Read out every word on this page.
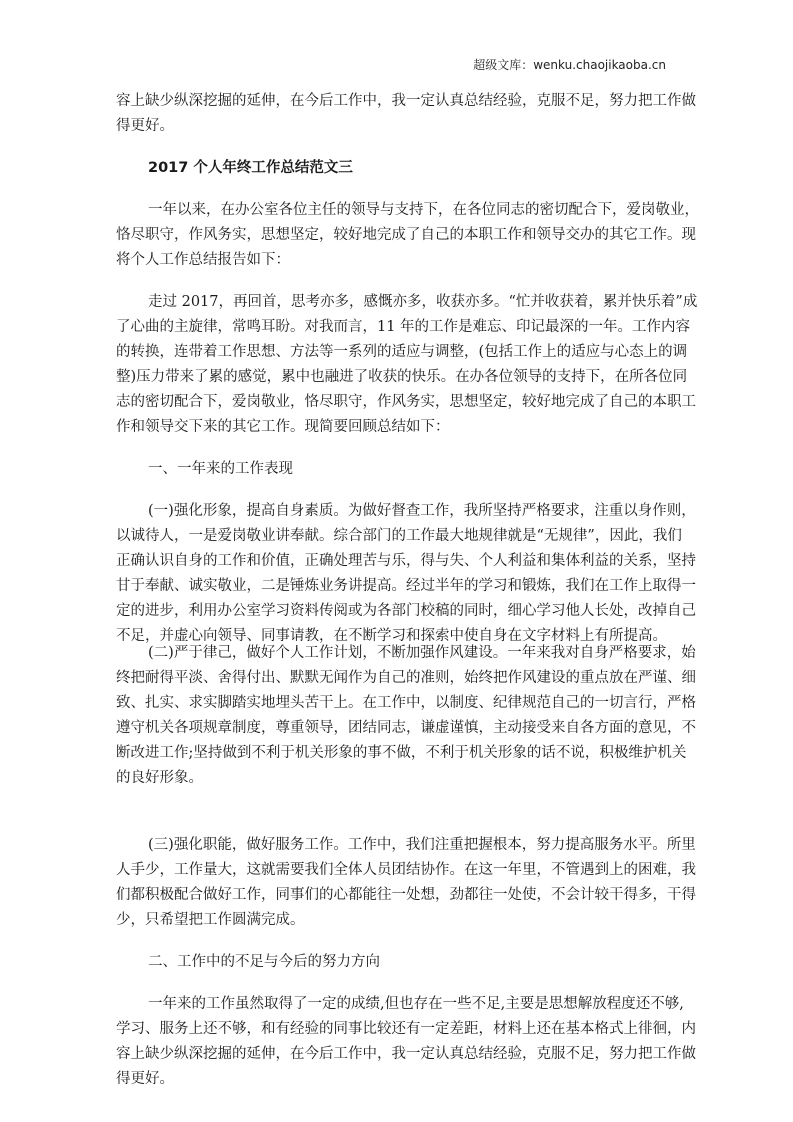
超级文库：wenku.chaojikaoba.cn
容上缺少纵深挖掘的延伸，在今后工作中，我一定认真总结经验，克服不足，努力把工作做
得更好。
2017 个人年终工作总结范文三
一年以来，在办公室各位主任的领导与支持下，在各位同志的密切配合下，爱岗敬业，
恪尽职守，作风务实，思想坚定，较好地完成了自己的本职工作和领导交办的其它工作。现
将个人工作总结报告如下：
走过 2017，再回首，思考亦多，感慨亦多，收获亦多。“忙并收获着，累并快乐着”成
了心曲的主旋律，常鸣耳盼。对我而言，11 年的工作是难忘、印记最深的一年。工作内容
的转换，连带着工作思想、方法等一系列的适应与调整，(包括工作上的适应与心态上的调
整)压力带来了累的感觉，累中也融进了收获的快乐。在办各位领导的支持下，在所各位同
志的密切配合下，爱岗敬业，恪尽职守，作风务实，思想坚定，较好地完成了自己的本职工
作和领导交下来的其它工作。现简要回顾总结如下：
一、一年来的工作表现
(一)强化形象，提高自身素质。为做好督查工作，我所坚持严格要求，注重以身作则，
以诚待人，一是爱岗敬业讲奉献。综合部门的工作最大地规律就是“无规律”，因此，我们
正确认识自身的工作和价值，正确处理苦与乐，得与失、个人利益和集体利益的关系，坚持
甘于奉献、诚实敬业，二是锤炼业务讲提高。经过半年的学习和锻炼，我们在工作上取得一
定的进步，利用办公室学习资料传阅或为各部门校稿的同时，细心学习他人长处，改掉自己
不足，并虚心向领导、同事请教，在不断学习和探索中使自身在文字材料上有所提高。
(二)严于律己，做好个人工作计划，不断加强作风建设。一年来我对自身严格要求，始
终把耐得平淡、舍得付出、默默无闻作为自己的准则，始终把作风建设的重点放在严谨、细
致、扎实、求实脚踏实地埋头苦干上。在工作中，以制度、纪律规范自己的一切言行，严格
遵守机关各项规章制度，尊重领导，团结同志，谦虚谨慎，主动接受来自各方面的意见，不
断改进工作;坚持做到不利于机关形象的事不做，不利于机关形象的话不说，积极维护机关
的良好形象。
(三)强化职能，做好服务工作。工作中，我们注重把握根本，努力提高服务水平。所里
人手少，工作量大，这就需要我们全体人员团结协作。在这一年里，不管遇到上的困难，我
们都积极配合做好工作，同事们的心都能往一处想，劲都往一处使，不会计较干得多，干得
少，只希望把工作圆满完成。
二、工作中的不足与今后的努力方向
一年来的工作虽然取得了一定的成绩,但也存在一些不足,主要是思想解放程度还不够,
学习、服务上还不够，和有经验的同事比较还有一定差距，材料上还在基本格式上徘徊，内
容上缺少纵深挖掘的延伸，在今后工作中，我一定认真总结经验，克服不足，努力把工作做
得更好。
